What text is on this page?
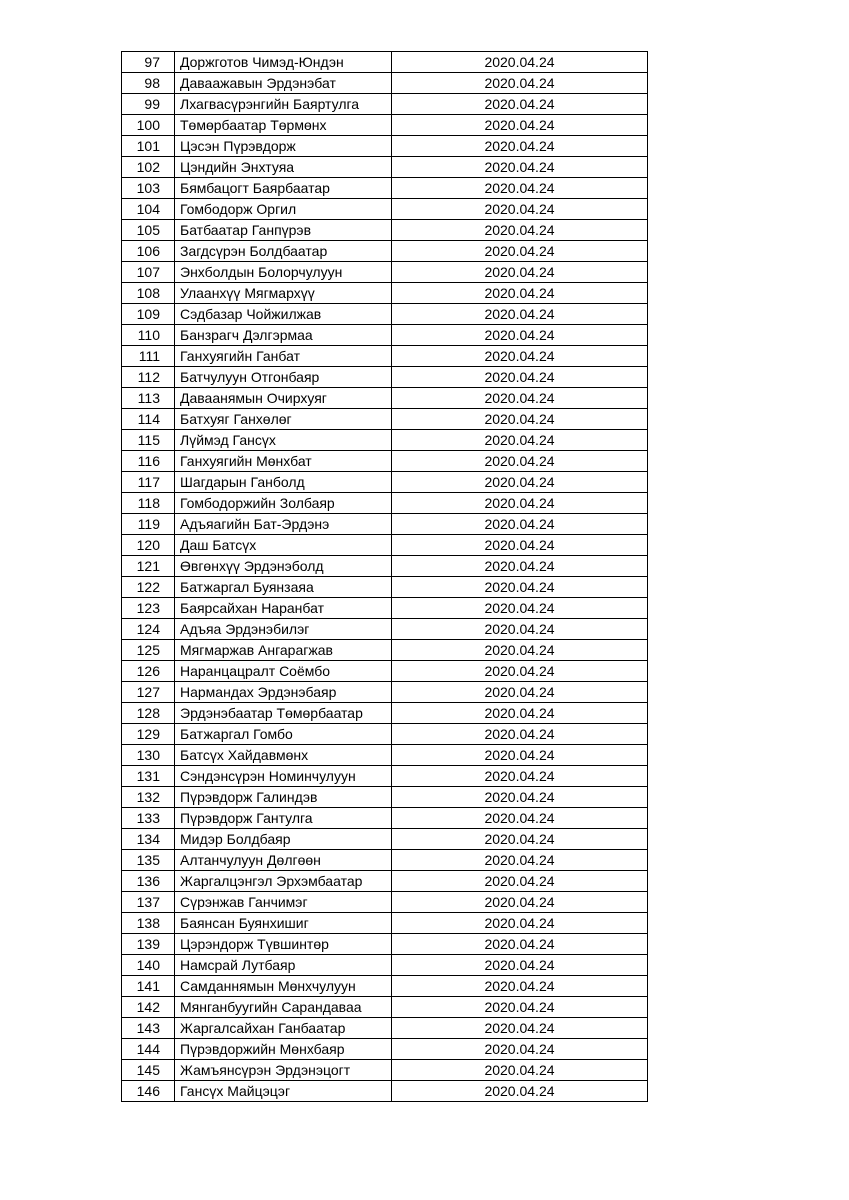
97	Доржготов Чимэд-Юндэн	2020.04.24
98	Даваажавын Эрдэнэбат	2020.04.24
99	Лхагвасүрэнгийн Баяртулга	2020.04.24
100	Төмөрбаатар Төрмөнх	2020.04.24
101	Цэсэн Пүрэвдорж	2020.04.24
102	Цэндийн Энхтуяа	2020.04.24
103	Бямбацогт Баярбаатар	2020.04.24
104	Гомбодорж Оргил	2020.04.24
105	Батбаатар Ганпүрэв	2020.04.24
106	Загдсүрэн Болдбаатар	2020.04.24
107	Энхболдын Болорчулуун	2020.04.24
108	Улаанхүү Мягмархүү	2020.04.24
109	Сэдбазар Чойжилжав	2020.04.24
110	Банзрагч Дэлгэрмаа	2020.04.24
111	Ганхуягийн Ганбат	2020.04.24
112	Батчулуун Отгонбаяр	2020.04.24
113	Даваанямын Очирхуяг	2020.04.24
114	Батхуяг Ганхөлөг	2020.04.24
115	Лүймэд Гансүх	2020.04.24
116	Ганхуягийн Мөнхбат	2020.04.24
117	Шагдарын Ганболд	2020.04.24
118	Гомбодоржийн Золбаяр	2020.04.24
119	Адъяагийн Бат-Эрдэнэ	2020.04.24
120	Даш Батсүх	2020.04.24
121	Өвгөнхүү Эрдэнэболд	2020.04.24
122	Батжаргал Буянзаяа	2020.04.24
123	Баярсайхан Наранбат	2020.04.24
124	Адъяа Эрдэнэбилэг	2020.04.24
125	Мягмаржав Ангарагжав	2020.04.24
126	Наранцацралт Соёмбо	2020.04.24
127	Нармандах Эрдэнэбаяр	2020.04.24
128	Эрдэнэбаатар Төмөрбаатар	2020.04.24
129	Батжаргал Гомбо	2020.04.24
130	Батсүх Хайдавмөнх	2020.04.24
131	Сэндэнсүрэн Номинчулуун	2020.04.24
132	Пүрэвдорж Галиндэв	2020.04.24
133	Пүрэвдорж Гантулга	2020.04.24
134	Мидэр Болдбаяр	2020.04.24
135	Алтанчулуун Дөлгөөн	2020.04.24
136	Жаргалцэнгэл Эрхэмбаатар	2020.04.24
137	Сүрэнжав Ганчимэг	2020.04.24
138	Баянсан Буянхишиг	2020.04.24
139	Цэрэндорж Түвшинтөр	2020.04.24
140	Намсрай Лутбаяр	2020.04.24
141	Самданнямын Мөнхчулуун	2020.04.24
142	Мянганбуугийн Сарандаваа	2020.04.24
143	Жаргалсайхан Ганбаатар	2020.04.24
144	Пүрэвдоржийн Мөнхбаяр	2020.04.24
145	Жамъянсүрэн Эрдэнэцогт	2020.04.24
146	Гансүх Майцэцэг	2020.04.24
